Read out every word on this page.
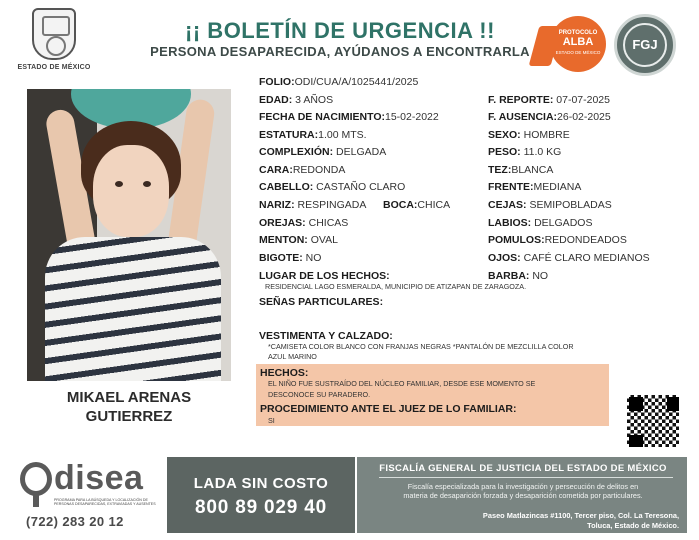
ESTADO DE MÉXICO
¡¡ BOLETÍN DE URGENCIA !!
PERSONA DESAPARECIDA, AYÚDANOS A ENCONTRARLA
PROTOCOLO
ALBA
ESTADO DE MÉXICO
FGJ
MIKAEL ARENAS
GUTIERREZ
FOLIO:ODI/CUA/A/1025441/2025
EDAD: 3 AÑOS	F. REPORTE: 07-07-2025
FECHA DE NACIMIENTO:15-02-2022	F. AUSENCIA:26-02-2025
ESTATURA:1.00 MTS.	SEXO: HOMBRE
COMPLEXIÓN: DELGADA	PESO: 11.0 KG
CARA:REDONDA	TEZ:BLANCA
CABELLO: CASTAÑO CLARO	FRENTE:MEDIANA
NARIZ: RESPINGADA BOCA:CHICA	CEJAS: SEMIPOBLADAS
OREJAS: CHICAS	LABIOS: DELGADOS
MENTON: OVAL	POMULOS:REDONDEADOS
BIGOTE: NO	OJOS: CAFÉ CLARO MEDIANOS
LUGAR DE LOS HECHOS:	BARBA: NO
RESIDENCIAL LAGO ESMERALDA, MUNICIPIO DE ATIZAPAN DE ZARAGOZA.
SEÑAS PARTICULARES:
VESTIMENTA Y CALZADO:
*CAMISETA COLOR BLANCO CON FRANJAS NEGRAS *PANTALÓN DE MEZCLILLA COLOR
AZUL MARINO
HECHOS:
EL NIÑO FUE SUSTRAÍDO DEL NÚCLEO FAMILIAR, DESDE ESE MOMENTO SE
DESCONOCE SU PARADERO.
PROCEDIMIENTO ANTE EL JUEZ DE LO FAMILIAR:
SI
disea
PROGRAMA PARA LA BÚSQUEDA Y LOCALIZACIÓN DE PERSONAS DESAPARECIDAS, EXTRAVIADAS Y AUSENTES
(722) 283 20 12
LADA SIN COSTO
800 89 029 40
FISCALÍA GENERAL DE JUSTICIA DEL ESTADO DE MÉXICO
Fiscalía especializada para la investigación y persecución de delitos en
materia de desaparición forzada y desaparición cometida por particulares.
Paseo Matlazincas #1100, Tercer piso, Col. La Teresona,
Toluca, Estado de México.
